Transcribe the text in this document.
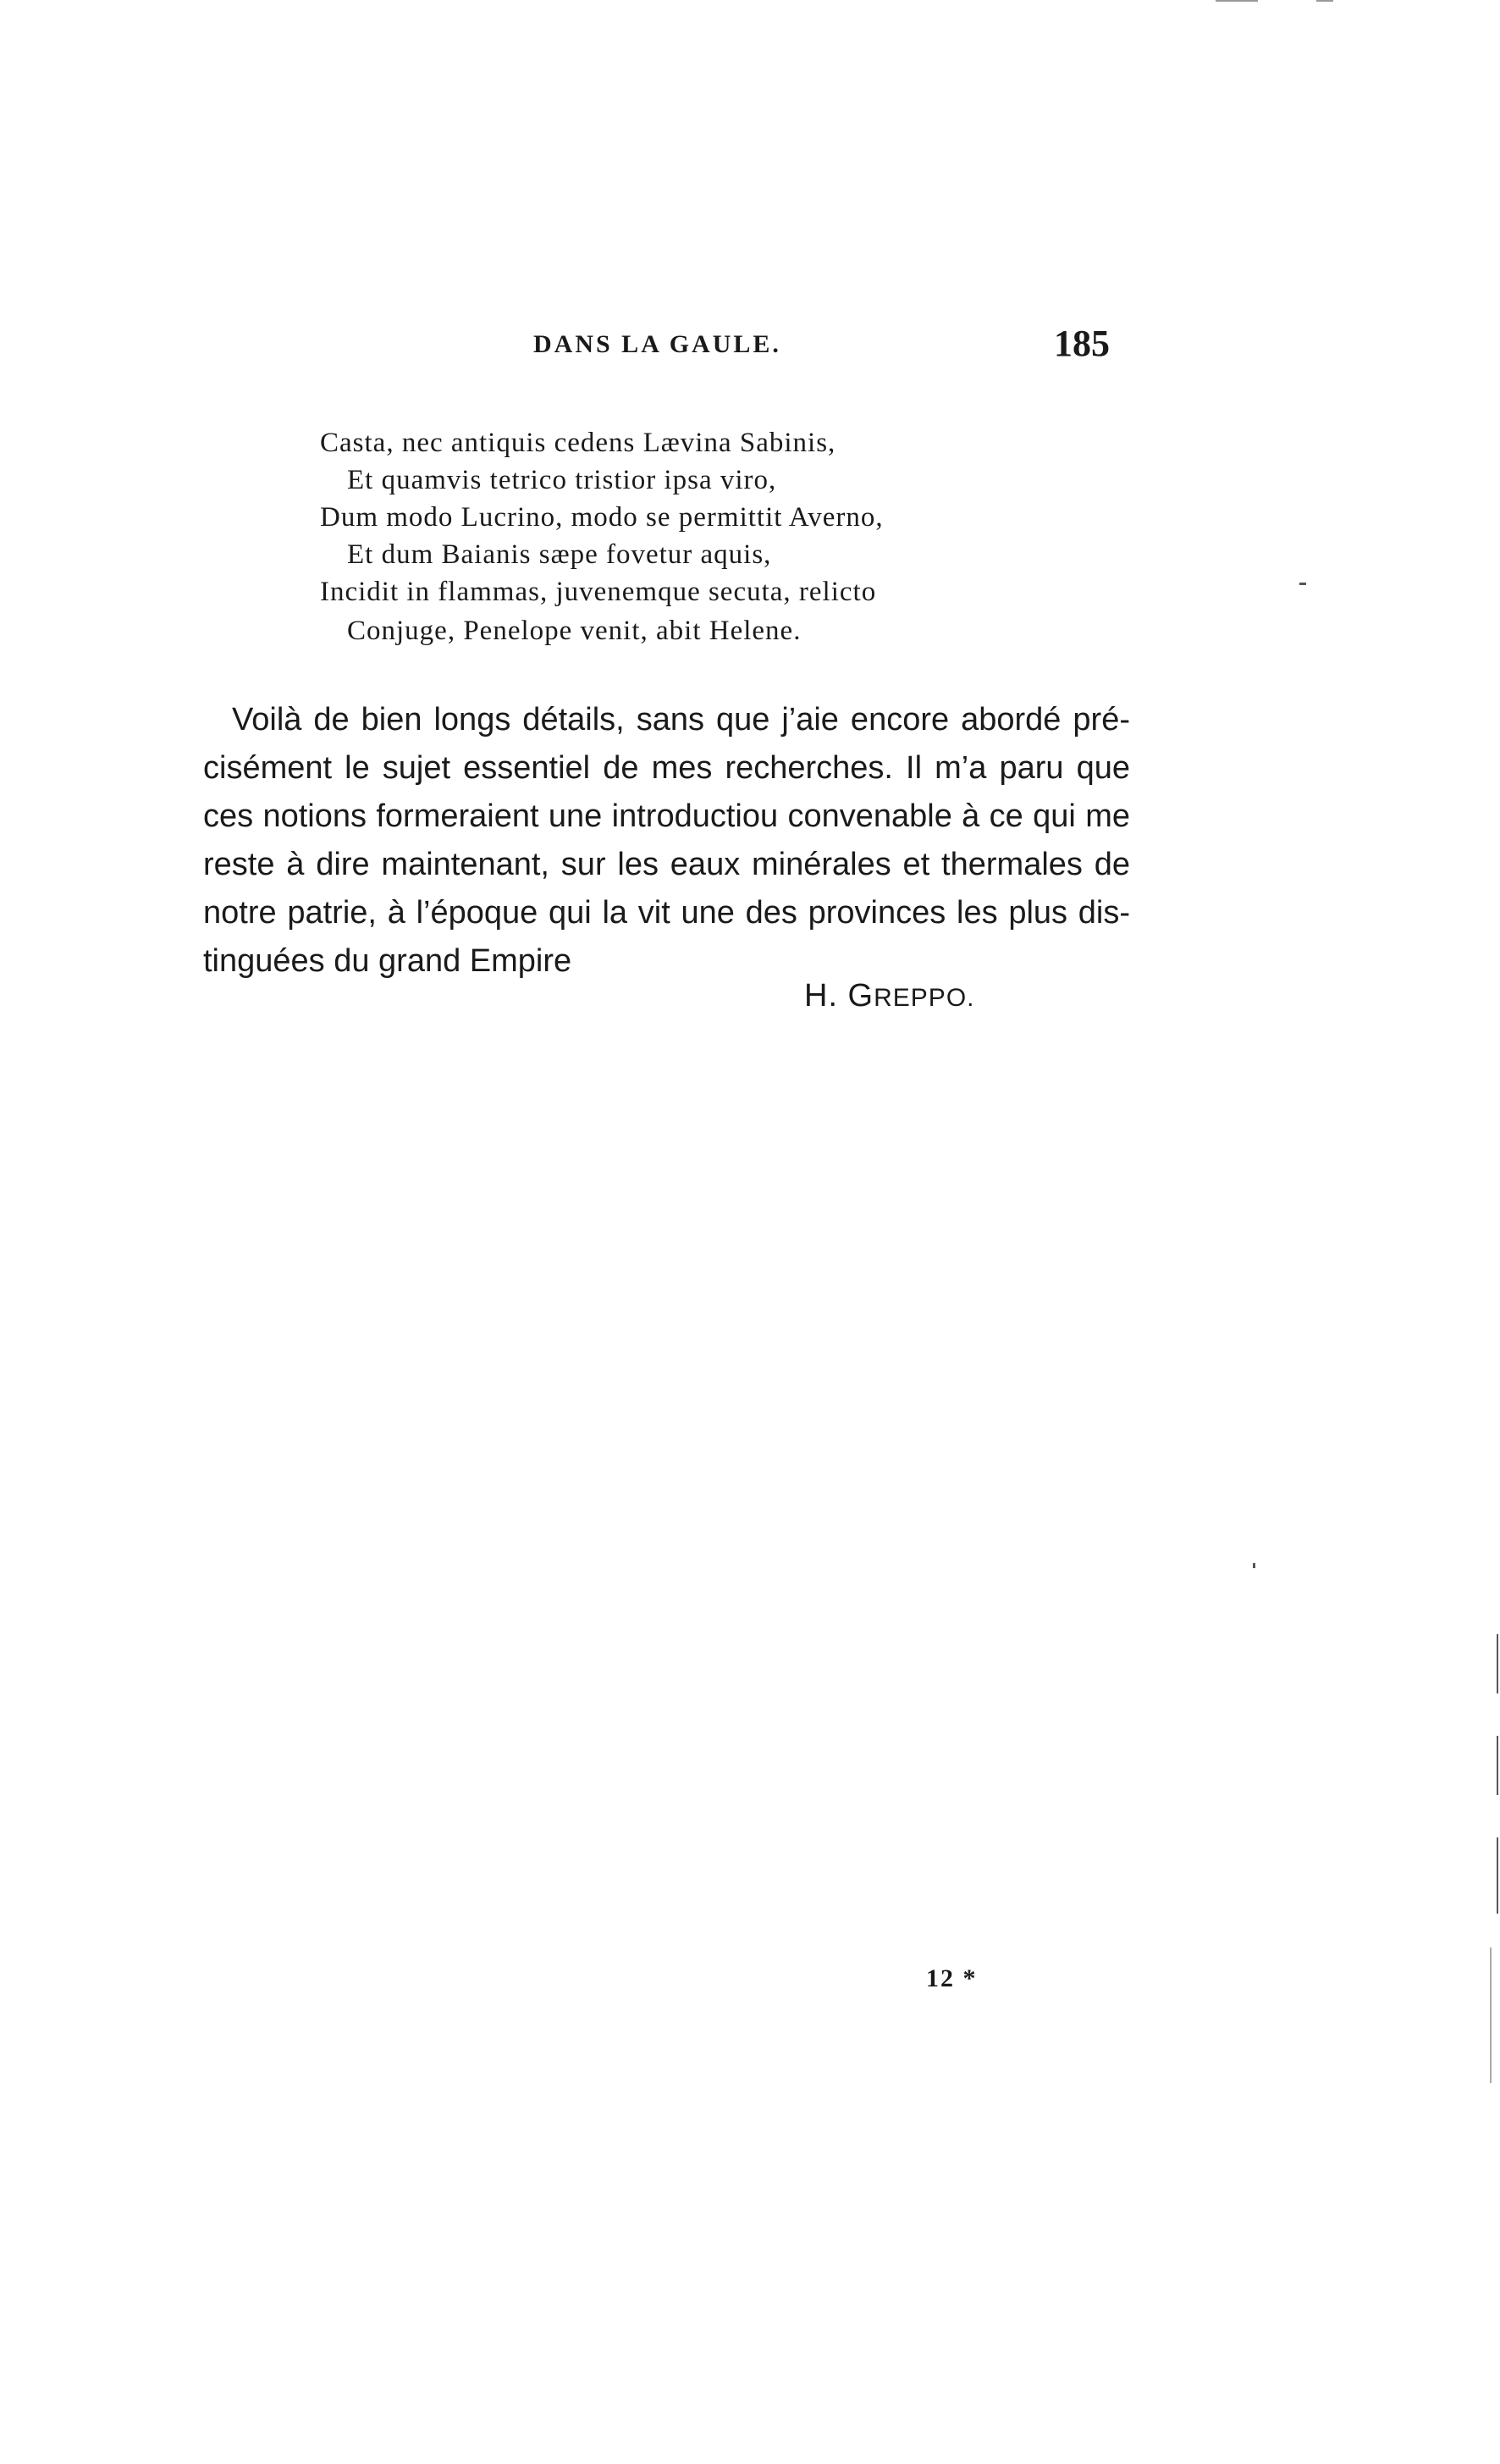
DANS LA GAULE.	185
Casta, nec antiquis cedens Lævina Sabinis,
Et quamvis tetrico tristior ipsa viro,
Dum modo Lucrino, modo se permittit Averno,
Et dum Baianis sæpe fovetur aquis,
Incidit in flammas, juvenemque secuta, relicto
Conjuge, Penelope venit, abit Helene.
Voilà de bien longs détails, sans que j’aie encore abordé pré-
cisément le sujet essentiel de mes recherches. Il m’a paru que
ces notions formeraient une introductiou convenable à ce qui me
reste à dire maintenant, sur les eaux minérales et thermales de
notre patrie, à l’époque qui la vit une des provinces les plus dis-
tinguées du grand Empire
H. GREPPO.
12 *
